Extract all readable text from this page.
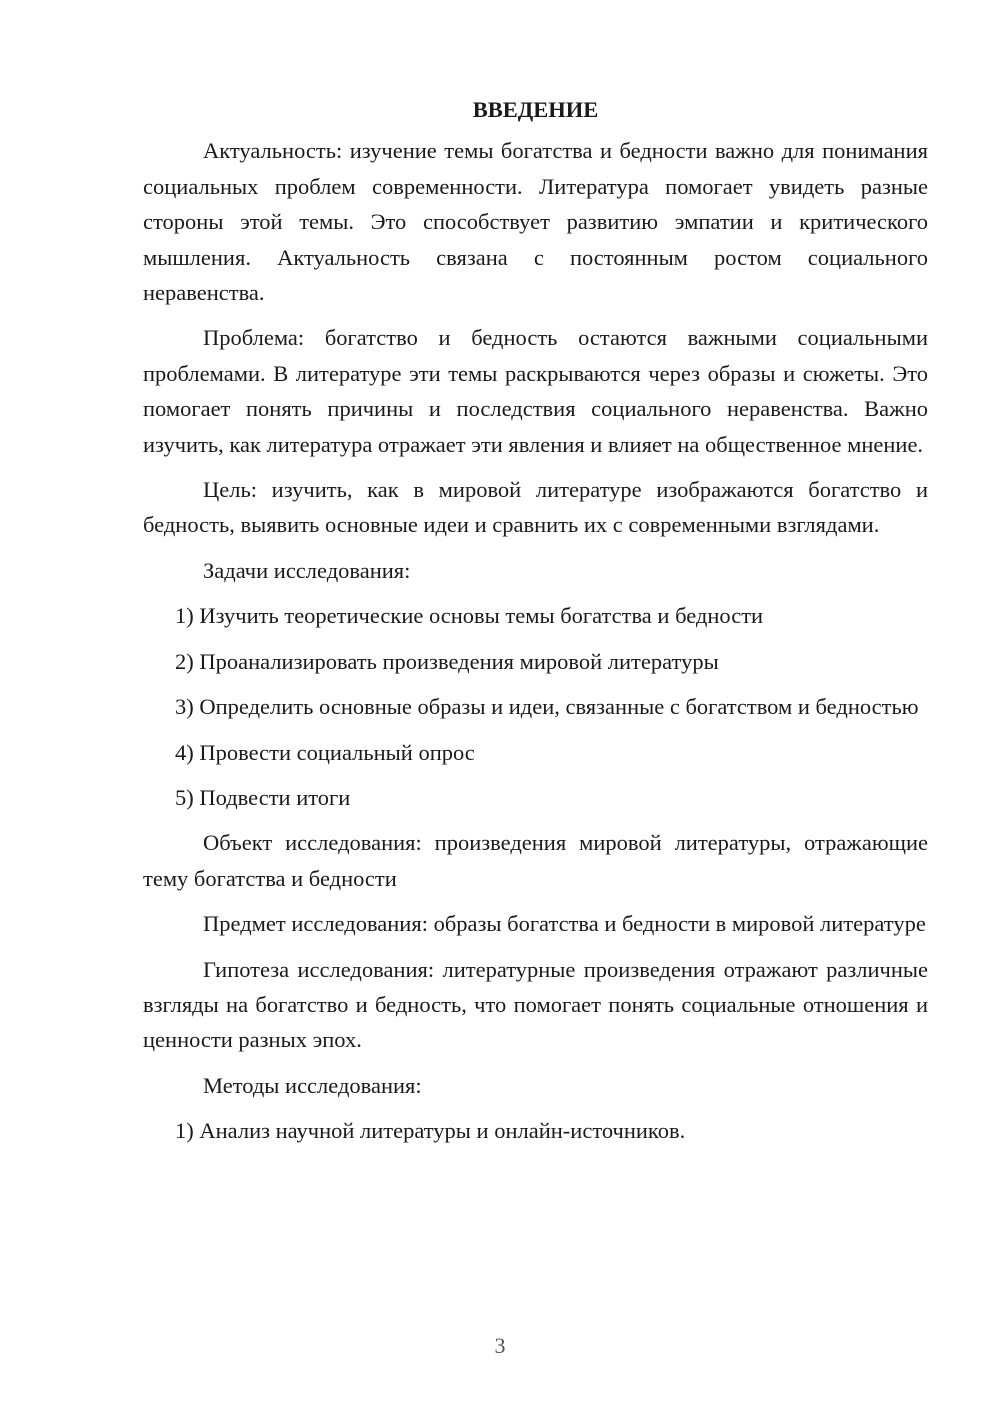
ВВЕДЕНИЕ

Актуальность: изучение темы богатства и бедности важно для понимания социальных проблем современности. Литература помогает увидеть разные стороны этой темы. Это способствует развитию эмпатии и критического мышления. Актуальность связана с постоянным ростом социального неравенства.

Проблема: богатство и бедность остаются важными социальными проблемами. В литературе эти темы раскрываются через образы и сюжеты. Это помогает понять причины и последствия социального неравенства. Важно изучить, как литература отражает эти явления и влияет на общественное мнение.

Цель: изучить, как в мировой литературе изображаются богатство и бедность, выявить основные идеи и сравнить их с современными взглядами.

Задачи исследования:

1) Изучить теоретические основы темы богатства и бедности

2) Проанализировать произведения мировой литературы

3) Определить основные образы и идеи, связанные с богатством и бедностью

4) Провести социальный опрос

5) Подвести итоги

Объект исследования: произведения мировой литературы, отражающие тему богатства и бедности

Предмет исследования: образы богатства и бедности в мировой литературе

Гипотеза исследования: литературные произведения отражают различные взгляды на богатство и бедность, что помогает понять социальные отношения и ценности разных эпох.

Методы исследования:

1) Анализ научной литературы и онлайн-источников.

3
